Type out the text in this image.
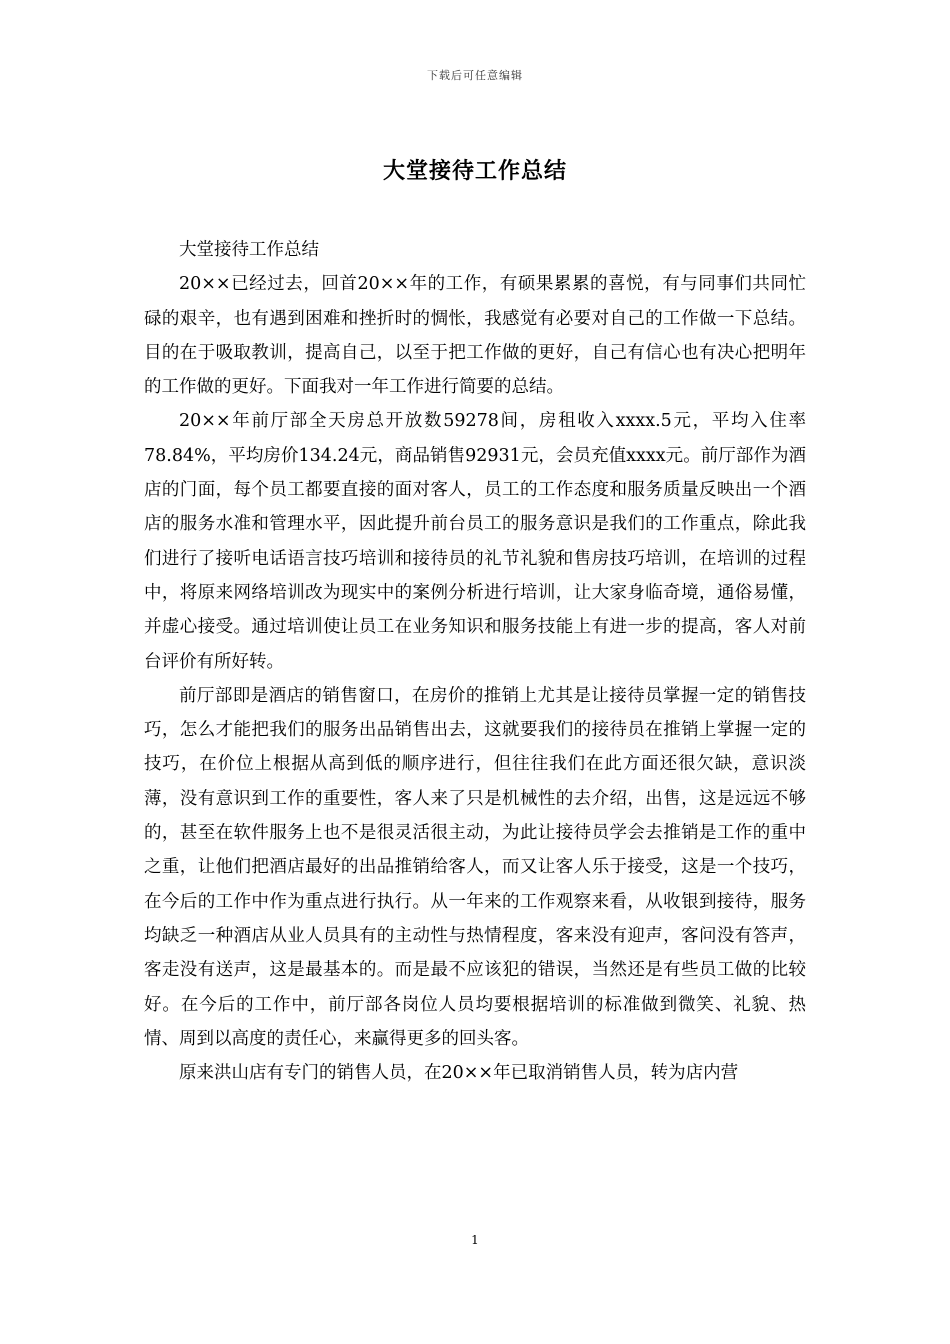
下载后可任意编辑
大堂接待工作总结

大堂接待工作总结

20××已经过去，回首20××年的工作，有硕果累累的喜悦，有与同事们共同忙碌的艰辛，也有遇到困难和挫折时的惆怅，我感觉有必要对自己的工作做一下总结。目的在于吸取教训，提高自己，以至于把工作做的更好，自己有信心也有决心把明年的工作做的更好。下面我对一年工作进行简要的总结。

20××年前厅部全天房总开放数59278间，房租收入xxxx.5元，平均入住率78.84%，平均房价134.24元，商品销售92931元，会员充值xxxx元。前厅部作为酒店的门面，每个员工都要直接的面对客人，员工的工作态度和服务质量反映出一个酒店的服务水准和管理水平，因此提升前台员工的服务意识是我们的工作重点，除此我们进行了接听电话语言技巧培训和接待员的礼节礼貌和售房技巧培训，在培训的过程中，将原来网络培训改为现实中的案例分析进行培训，让大家身临奇境，通俗易懂，并虚心接受。通过培训使让员工在业务知识和服务技能上有进一步的提高，客人对前台评价有所好转。

前厅部即是酒店的销售窗口，在房价的推销上尤其是让接待员掌握一定的销售技巧，怎么才能把我们的服务出品销售出去，这就要我们的接待员在推销上掌握一定的技巧，在价位上根据从高到低的顺序进行，但往往我们在此方面还很欠缺，意识淡薄，没有意识到工作的重要性，客人来了只是机械性的去介绍，出售，这是远远不够的，甚至在软件服务上也不是很灵活很主动，为此让接待员学会去推销是工作的重中之重，让他们把酒店最好的出品推销给客人，而又让客人乐于接受，这是一个技巧，在今后的工作中作为重点进行执行。从一年来的工作观察来看，从收银到接待，服务均缺乏一种酒店从业人员具有的主动性与热情程度，客来没有迎声，客问没有答声，客走没有送声，这是最基本的。而是最不应该犯的错误，当然还是有些员工做的比较好。在今后的工作中，前厅部各岗位人员均要根据培训的标准做到微笑、礼貌、热情、周到以高度的责任心，来赢得更多的回头客。

原来洪山店有专门的销售人员，在20××年已取消销售人员，转为店内营

1
